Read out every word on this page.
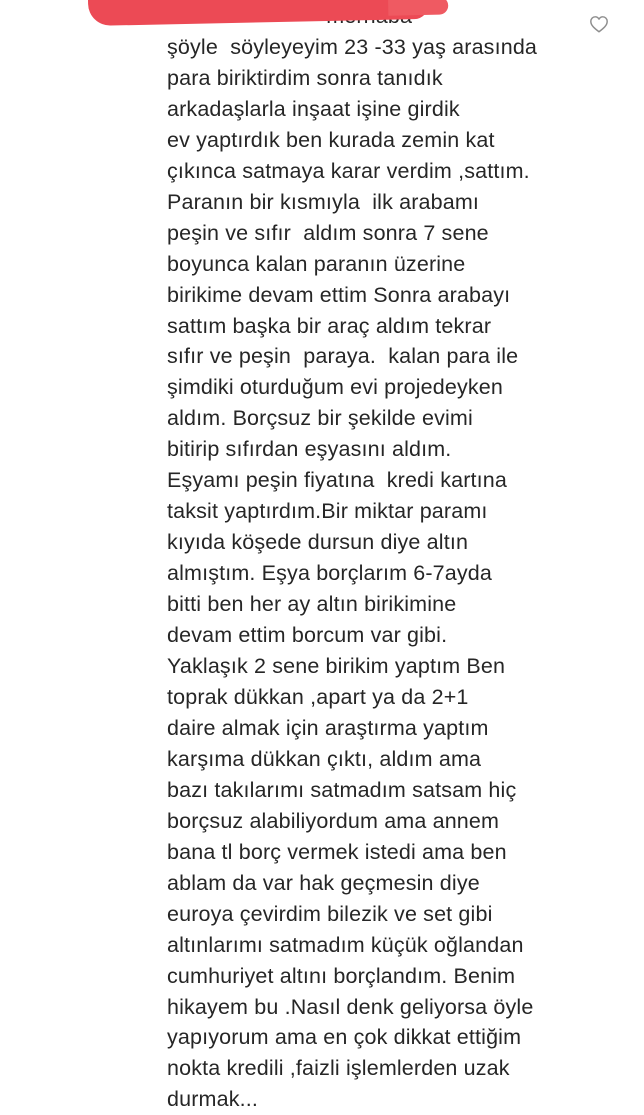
şöyle  söyleyeyim 23 -33 yaş arasında
para biriktirdim sonra tanıdık
arkadaşlarla inşaat işine girdik
ev yaptırdık ben kurada zemin kat
çıkınca satmaya karar verdim ,sattım.
Paranın bir kısmıyla  ilk arabamı
peşin ve sıfır  aldım sonra 7 sene
boyunca kalan paranın üzerine
birikime devam ettim Sonra arabayı
sattım başka bir araç aldım tekrar
sıfır ve peşin  paraya.  kalan para ile
şimdiki oturduğum evi projedeyken
aldım. Borçsuz bir şekilde evimi
bitirip sıfırdan eşyasını aldım.
Eşyamı peşin fiyatına  kredi kartına
taksit yaptırdım.Bir miktar paramı
kıyıda köşede dursun diye altın
almıştım. Eşya borçlarım 6-7ayda
bitti ben her ay altın birikimine
devam ettim borcum var gibi.
Yaklaşık 2 sene birikim yaptım Ben
toprak dükkan ,apart ya da 2+1
daire almak için araştırma yaptım
karşıma dükkan çıktı, aldım ama
bazı takılarımı satmadım satsam hiç
borçsuz alabiliyordum ama annem
bana tl borç vermek istedi ama ben
ablam da var hak geçmesin diye
euroya çevirdim bilezik ve set gibi
altınlarımı satmadım küçük oğlandan
cumhuriyet altını borçlandım. Benim
hikayem bu .Nasıl denk geliyorsa öyle
yapıyorum ama en çok dikkat ettiğim
nokta kredili ,faizli işlemlerden uzak
durmak...
